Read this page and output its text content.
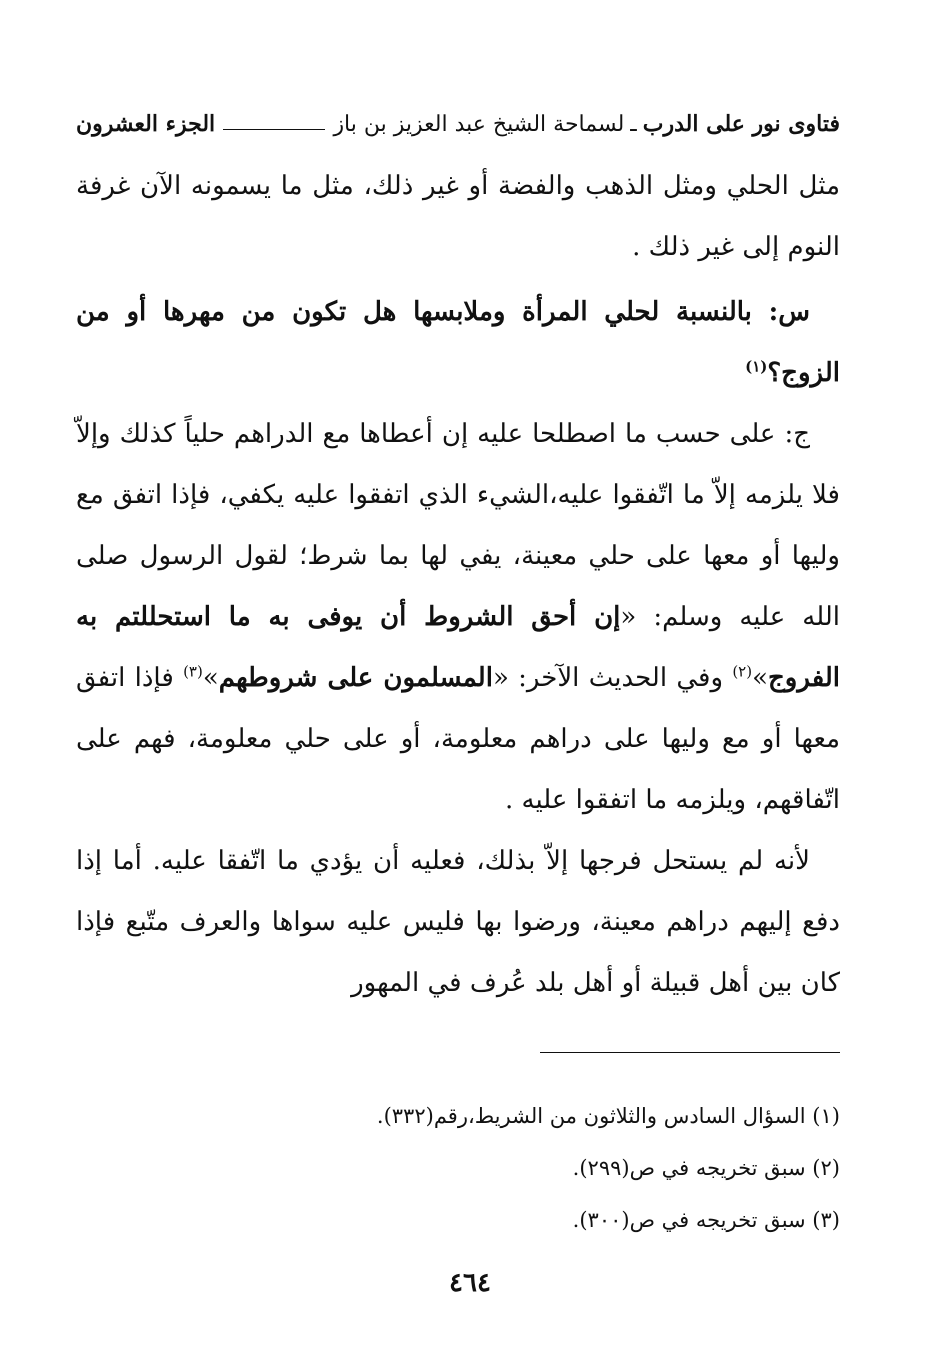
فتاوى نور على الدرب
ـ
لسماحة الشيخ عبد العزيز بن باز
الجزء العشرون

مثل الحلي ومثل الذهب والفضة أو غير ذلك، مثل ما يسمونه الآن غرفة النوم إلى غير ذلك .

س: بالنسبة لحلي المرأة وملابسها هل تكون من مهرها أو من الزوج؟$^{(١)}$

ج: على حسب ما اصطلحا عليه إن أعطاها مع الدراهم حلياً كذلك وإلاّ فلا يلزمه إلاّ ما اتّفقوا عليه،الشيء الذي اتفقوا عليه يكفي، فإذا اتفق مع وليها أو معها على حلي معينة، يفي لها بما شرط؛ لقول الرسول صلى الله عليه وسلم: «إن أحق الشروط أن يوفى به ما استحللتم به الفروج»$^{(٢)}$ وفي الحديث الآخر: «المسلمون على شروطهم»$^{(٣)}$ فإذا اتفق معها أو مع وليها على دراهم معلومة، أو على حلي معلومة، فهم على اتّفاقهم، ويلزمه ما اتفقوا عليه .

لأنه لم يستحل فرجها إلاّ بذلك، فعليه أن يؤدي ما اتّفقا عليه. أما إذا دفع إليهم دراهم معينة، ورضوا بها فليس عليه سواها والعرف متّبع فإذا كان بين أهل قبيلة أو أهل بلد عُرف في المهور

(١) السؤال السادس والثلاثون من الشريط،رقم(٣٣٢).

(٢) سبق تخريجه في ص(٢٩٩).

(٣) سبق تخريجه في ص(٣٠٠).

٤٦٤
